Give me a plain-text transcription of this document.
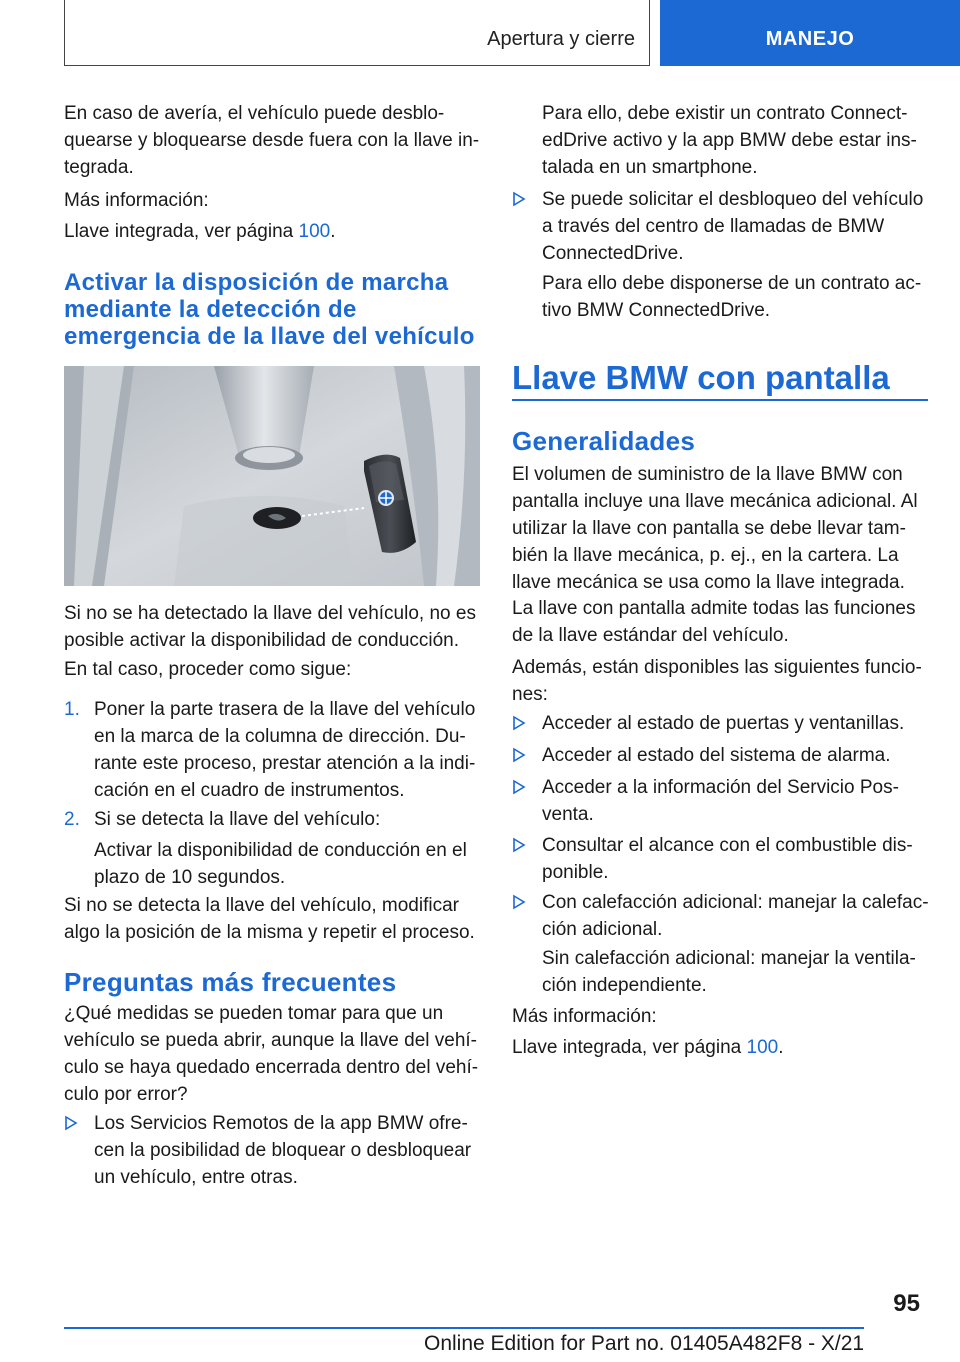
Apertura y cierre	MANEJO

En caso de avería, el vehículo puede desblo-
quearse y bloquearse desde fuera con la llave in-
tegrada.

Más información:

Llave integrada, ver página 100.

Activar la disposición de marcha
mediante la detección de
emergencia de la llave del vehículo

Si no se ha detectado la llave del vehículo, no es
posible activar la disponibilidad de conducción.

En tal caso, proceder como sigue:

1. Poner la parte trasera de la llave del vehículo
en la marca de la columna de dirección. Du-
rante este proceso, prestar atención a la indi-
cación en el cuadro de instrumentos.

2. Si se detecta la llave del vehículo:

Activar la disponibilidad de conducción en el
plazo de 10 segundos.

Si no se detecta la llave del vehículo, modificar
algo la posición de la misma y repetir el proceso.

Preguntas más frecuentes

¿Qué medidas se pueden tomar para que un
vehículo se pueda abrir, aunque la llave del vehí-
culo se haya quedado encerrada dentro del vehí-
culo por error?

Los Servicios Remotos de la app BMW ofre-
cen la posibilidad de bloquear o desbloquear
un vehículo, entre otras.

Para ello, debe existir un contrato Connect-
edDrive activo y la app BMW debe estar ins-
talada en un smartphone.

Se puede solicitar el desbloqueo del vehículo
a través del centro de llamadas de BMW
ConnectedDrive.

Para ello debe disponerse de un contrato ac-
tivo BMW ConnectedDrive.

Llave BMW con pantalla
Generalidades

El volumen de suministro de la llave BMW con
pantalla incluye una llave mecánica adicional. Al
utilizar la llave con pantalla se debe llevar tam-
bién la llave mecánica, p. ej., en la cartera. La
llave mecánica se usa como la llave integrada.

La llave con pantalla admite todas las funciones
de la llave estándar del vehículo.

Además, están disponibles las siguientes funcio-
nes:

Acceder al estado de puertas y ventanillas.

Acceder al estado del sistema de alarma.

Acceder a la información del Servicio Pos-
venta.

Consultar el alcance con el combustible dis-
ponible.

Con calefacción adicional: manejar la calefac-
ción adicional.

Sin calefacción adicional: manejar la ventila-
ción independiente.

Más información:

Llave integrada, ver página 100.

95
Online Edition for Part no. 01405A482F8 - X/21
